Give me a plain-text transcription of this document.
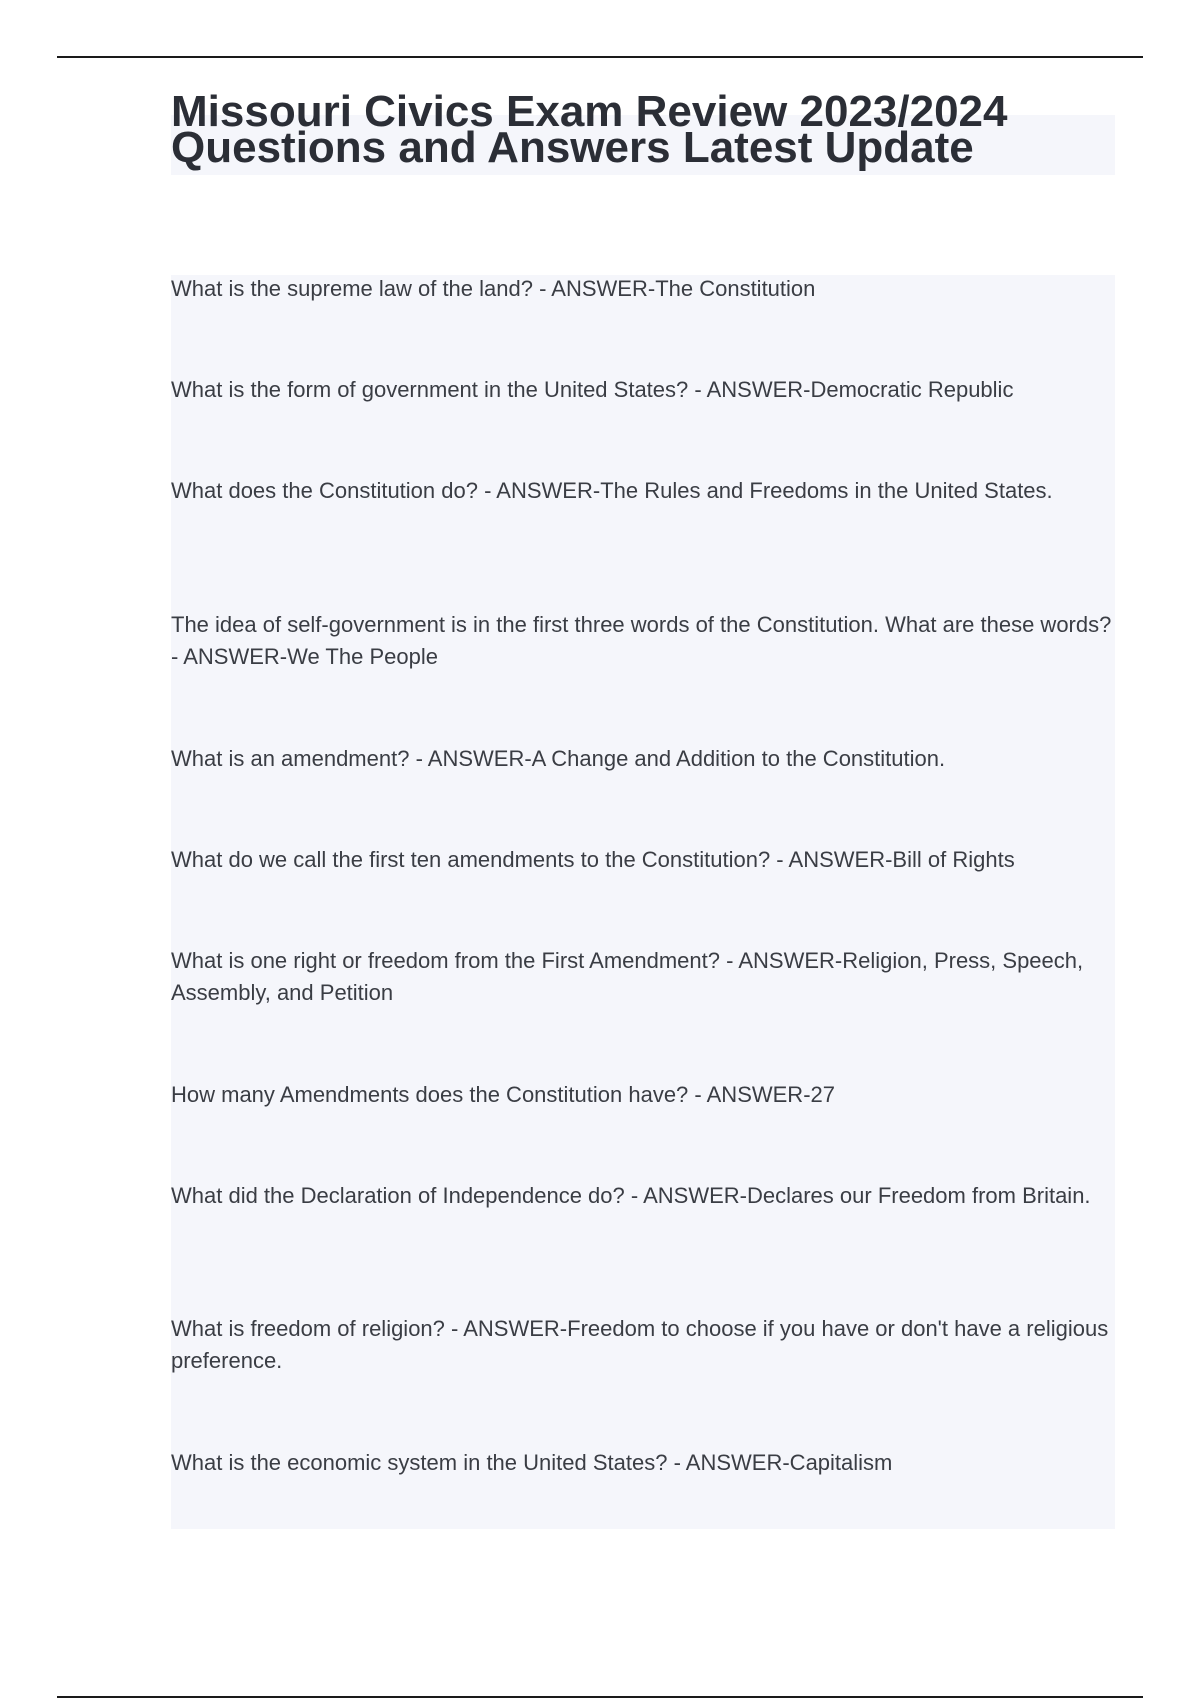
Missouri Civics Exam Review 2023/2024
Questions and Answers Latest Update

What is the supreme law of the land? - ANSWER-The Constitution

What is the form of government in the United States? - ANSWER-Democratic Republic

What does the Constitution do? - ANSWER-The Rules and Freedoms in the United States.

The idea of self-government is in the first three words of the Constitution. What are these words? - ANSWER-We The People

What is an amendment? - ANSWER-A Change and Addition to the Constitution.

What do we call the first ten amendments to the Constitution? - ANSWER-Bill of Rights

What is one right or freedom from the First Amendment? - ANSWER-Religion, Press, Speech, Assembly, and Petition

How many Amendments does the Constitution have? - ANSWER-27

What did the Declaration of Independence do? - ANSWER-Declares our Freedom from Britain.

What is freedom of religion? - ANSWER-Freedom to choose if you have or don't have a religious preference.

What is the economic system in the United States? - ANSWER-Capitalism
